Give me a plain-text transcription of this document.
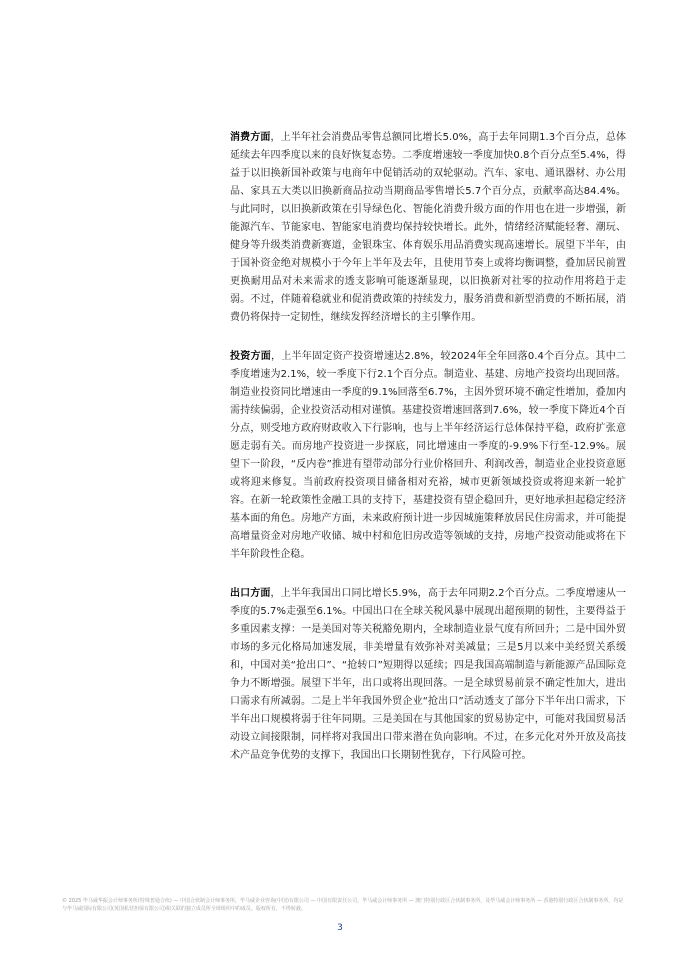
消费方面，上半年社会消费品零售总额同比增长5.0%，高于去年同期1.3个百分点，总体延续去年四季度以来的良好恢复态势。二季度增速较一季度加快0.8个百分点至5.4%，得益于以旧换新国补政策与电商年中促销活动的双轮驱动。汽车、家电、通讯器材、办公用品、家具五大类以旧换新商品拉动当期商品零售增长5.7个百分点，贡献率高达84.4%。与此同时，以旧换新政策在引导绿色化、智能化消费升级方面的作用也在进一步增强，新能源汽车、节能家电、智能家电消费均保持较快增长。此外，情绪经济赋能轻奢、潮玩、健身等升级类消费新赛道，金银珠宝、体育娱乐用品消费实现高速增长。展望下半年，由于国补资金绝对规模小于今年上半年及去年，且使用节奏上或将均衡调整，叠加居民前置更换耐用品对未来需求的透支影响可能逐渐显现，以旧换新对社零的拉动作用将趋于走弱。不过，伴随着稳就业和促消费政策的持续发力，服务消费和新型消费的不断拓展，消费仍将保持一定韧性，继续发挥经济增长的主引擎作用。

投资方面，上半年固定资产投资增速达2.8%，较2024年全年回落0.4个百分点。其中二季度增速为2.1%，较一季度下行2.1个百分点。制造业、基建、房地产投资均出现回落。制造业投资同比增速由一季度的9.1%回落至6.7%，主因外贸环境不确定性增加，叠加内需持续偏弱，企业投资活动相对谨慎。基建投资增速回落到7.6%，较一季度下降近4个百分点，则受地方政府财政收入下行影响，也与上半年经济运行总体保持平稳，政府扩张意愿走弱有关。而房地产投资进一步探底，同比增速由一季度的-9.9%下行至-12.9%。展望下一阶段，“反内卷”推进有望带动部分行业价格回升、利润改善，制造业企业投资意愿或将迎来修复。当前政府投资项目储备相对充裕，城市更新领域投资或将迎来新一轮扩容。在新一轮政策性金融工具的支持下，基建投资有望企稳回升，更好地承担起稳定经济基本面的角色。房地产方面，未来政府预计进一步因城施策释放居民住房需求，并可能提高增量资金对房地产收储、城中村和危旧房改造等领域的支持，房地产投资动能或将在下半年阶段性企稳。

出口方面，上半年我国出口同比增长5.9%，高于去年同期2.2个百分点。二季度增速从一季度的5.7%走强至6.1%。中国出口在全球关税风暴中展现出超预期的韧性，主要得益于多重因素支撑：一是美国对等关税豁免期内，全球制造业景气度有所回升；二是中国外贸市场的多元化格局加速发展，非美增量有效弥补对美减量；三是5月以来中美经贸关系缓和，中国对美“抢出口”、“抢转口”短期得以延续；四是我国高端制造与新能源产品国际竞争力不断增强。展望下半年，出口或将出现回落。一是全球贸易前景不确定性加大，进出口需求有所减弱。二是上半年我国外贸企业“抢出口”活动透支了部分下半年出口需求，下半年出口规模将弱于往年同期。三是美国在与其他国家的贸易协定中，可能对我国贸易活动设立间接限制，同样将对我国出口带来潜在负向影响。不过，在多元化对外开放及高技术产品竞争优势的支撑下，我国出口长期韧性犹存，下行风险可控。

© 2025 毕马威华振会计师事务所(特殊普通合伙) — 中国合伙制会计师事务所，毕马威企业咨询(中国)有限公司 — 中国有限责任公司，毕马威会计师事务所 — 澳门特别行政区合伙制事务所，及毕马威会计师事务所 — 香港特别行政区合伙制事务所，均是与毕马威国际有限公司(英国私营担保有限公司)相关联的独立成员所全球组织中的成员。版权所有，不得转载。
3
